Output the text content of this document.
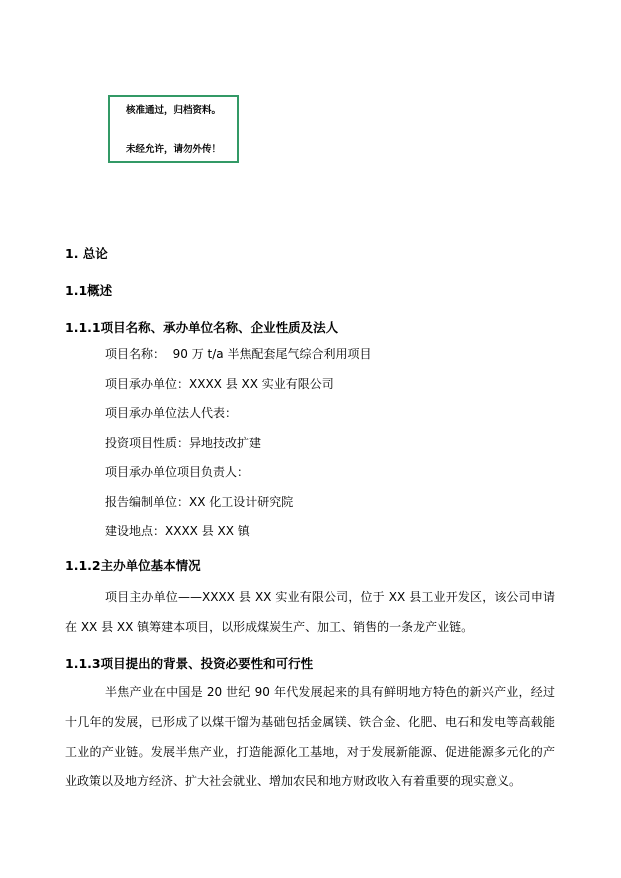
核准通过，归档资料。
未经允许，请勿外传！
1. 总论
1.1概述
1.1.1项目名称、承办单位名称、企业性质及法人
项目名称：  90 万 t/a 半焦配套尾气综合利用项目
项目承办单位：XXXX 县 XX 实业有限公司
项目承办单位法人代表：
投资项目性质：异地技改扩建
项目承办单位项目负责人：
报告编制单位：XX 化工设计研究院
建设地点：XXXX 县 XX 镇
1.1.2主办单位基本情况
项目主办单位——XXXX 县 XX 实业有限公司，位于 XX 县工业开发区，该公司申请在 XX 县 XX 镇筹建本项目，以形成煤炭生产、加工、销售的一条龙产业链。
1.1.3项目提出的背景、投资必要性和可行性
半焦产业在中国是 20 世纪 90 年代发展起来的具有鲜明地方特色的新兴产业，经过十几年的发展，已形成了以煤干馏为基础包括金属镁、铁合金、化肥、电石和发电等高载能工业的产业链。发展半焦产业，打造能源化工基地，对于发展新能源、促进能源多元化的产业政策以及地方经济、扩大社会就业、增加农民和地方财政收入有着重要的现实意义。
